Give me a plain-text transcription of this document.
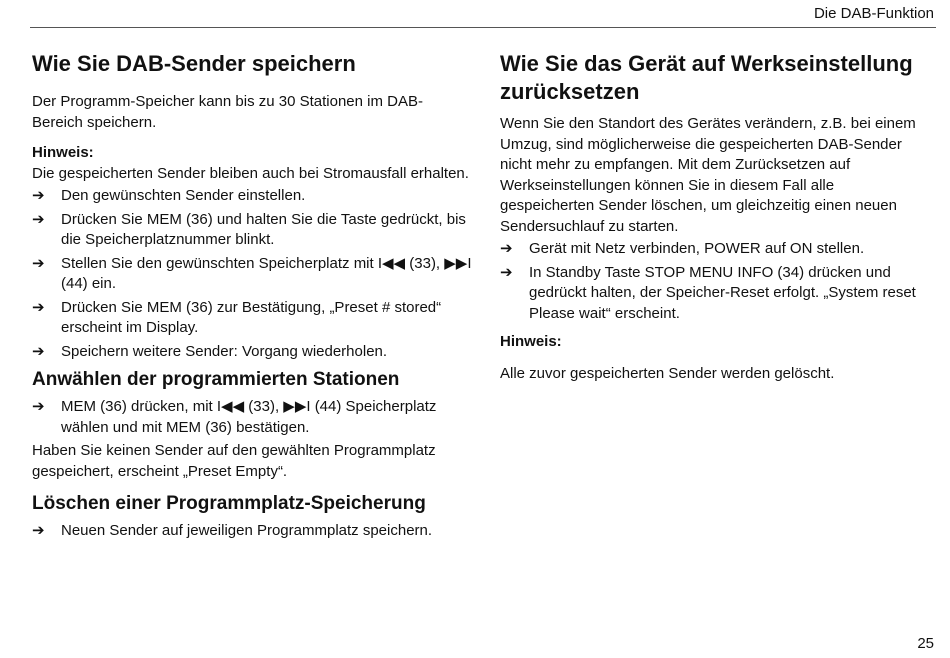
Die DAB-Funktion
Wie Sie DAB-Sender speichern

Der Programm-Speicher kann bis zu 30 Stationen im DAB-Bereich speichern.

Hinweis:

Die gespeicherten Sender bleiben auch bei Stromausfall erhalten.

➔ Den gewünschten Sender einstellen.
➔ Drücken Sie MEM (36) und halten Sie die Taste gedrückt, bis die Speicherplatznummer blinkt.
➔ Stellen Sie den gewünschten Speicherplatz mit I◀◀ (33), ▶▶I (44) ein.
➔ Drücken Sie MEM (36) zur Bestätigung, „Preset # stored“ erscheint im Display.
➔ Speichern weitere Sender: Vorgang wiederholen.
Anwählen der programmierten Stationen
➔ MEM (36) drücken, mit I◀◀ (33), ▶▶I (44) Speicherplatz wählen und mit MEM (36) bestätigen.

Haben Sie keinen Sender auf den gewählten Programmplatz gespeichert, erscheint „Preset Empty“.

Löschen einer Programmplatz-Speicherung
➔ Neuen Sender auf jeweiligen Programmplatz speichern.
Wie Sie das Gerät auf Werkseinstellung zurücksetzen

Wenn Sie den Standort des Gerätes verändern, z.B. bei einem Umzug, sind möglicherweise die gespeicherten DAB-Sender nicht mehr zu empfangen. Mit dem Zurücksetzen auf Werkseinstellungen können Sie in diesem Fall alle gespeicherten Sender löschen, um gleichzeitig einen neuen Sendersuchlauf zu starten.

➔ Gerät mit Netz verbinden, POWER auf ON stellen.
➔ In Standby Taste STOP MENU INFO (34) drücken und gedrückt halten, der Speicher-Reset erfolgt. „System reset     Please wait“ erscheint.

Hinweis:

Alle zuvor gespeicherten Sender werden gelöscht.

25
